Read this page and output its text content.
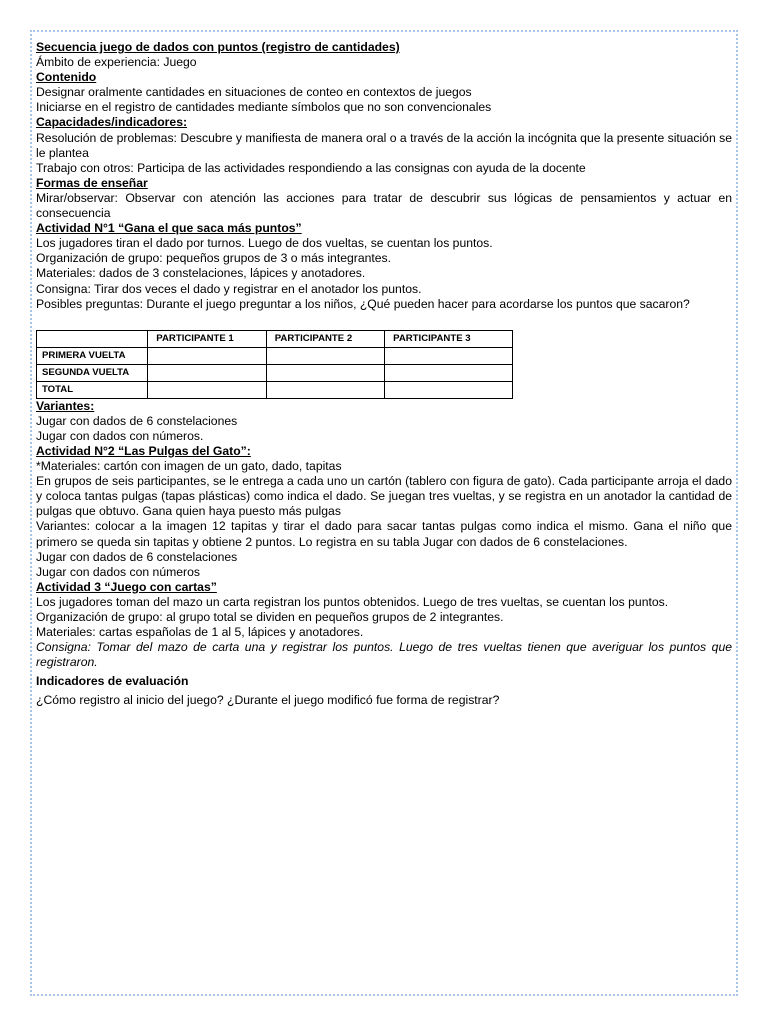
Secuencia juego de dados con puntos (registro de cantidades)

Ámbito de experiencia: Juego

Contenido

Designar oralmente cantidades en situaciones de conteo en contextos de juegos

Iniciarse en el registro de cantidades mediante símbolos que no son convencionales

Capacidades/indicadores:

Resolución de problemas: Descubre y manifiesta de manera oral o a través de la acción la incógnita que la presente situación se le plantea

Trabajo con otros: Participa de las actividades respondiendo a las consignas con ayuda de la docente

Formas de enseñar

Mirar/observar: Observar con atención las acciones para tratar de descubrir sus lógicas de pensamientos y actuar en consecuencia

Actividad N°1 “Gana el que saca más puntos”

Los jugadores tiran el dado por turnos. Luego de dos vueltas, se cuentan los puntos.

Organización de grupo: pequeños grupos de 3 o más integrantes.

Materiales: dados de 3 constelaciones, lápices y anotadores.

Consigna: Tirar dos veces el dado y registrar en el anotador los puntos.

Posibles preguntas: Durante el juego preguntar a los niños, ¿Qué pueden hacer para acordarse los puntos que sacaron?

	PARTICIPANTE 1	PARTICIPANTE 2	PARTICIPANTE 3
PRIMERA VUELTA			
SEGUNDA VUELTA			
TOTAL			

Variantes:

Jugar con dados de 6 constelaciones

Jugar con dados con números.

Actividad N°2 “Las Pulgas del Gato”:

*Materiales: cartón con imagen de un gato, dado, tapitas

En grupos de seis participantes, se le entrega a cada uno un cartón (tablero con figura de gato). Cada participante arroja el dado y coloca tantas pulgas (tapas plásticas) como indica el dado. Se juegan tres vueltas, y se registra en un anotador la cantidad de pulgas que obtuvo. Gana quien haya puesto más pulgas

Variantes: colocar a la imagen 12 tapitas y tirar el dado para sacar tantas pulgas como indica el mismo. Gana el niño que primero se queda sin tapitas y obtiene 2 puntos. Lo registra en su tabla Jugar con dados de 6 constelaciones.

Jugar con dados de 6 constelaciones

Jugar con dados con números

Actividad 3 “Juego con cartas”

Los jugadores toman del mazo un carta registran los puntos obtenidos. Luego de tres vueltas, se cuentan los puntos.

Organización de grupo: al grupo total se dividen en pequeños grupos de 2 integrantes.

Materiales: cartas españolas de 1 al 5, lápices y anotadores.

Consigna: Tomar del mazo de carta una y registrar los puntos. Luego de tres vueltas tienen que averiguar los puntos que registraron.

Indicadores de evaluación

¿Cómo registro al inicio del juego? ¿Durante el juego modificó fue forma de registrar?
